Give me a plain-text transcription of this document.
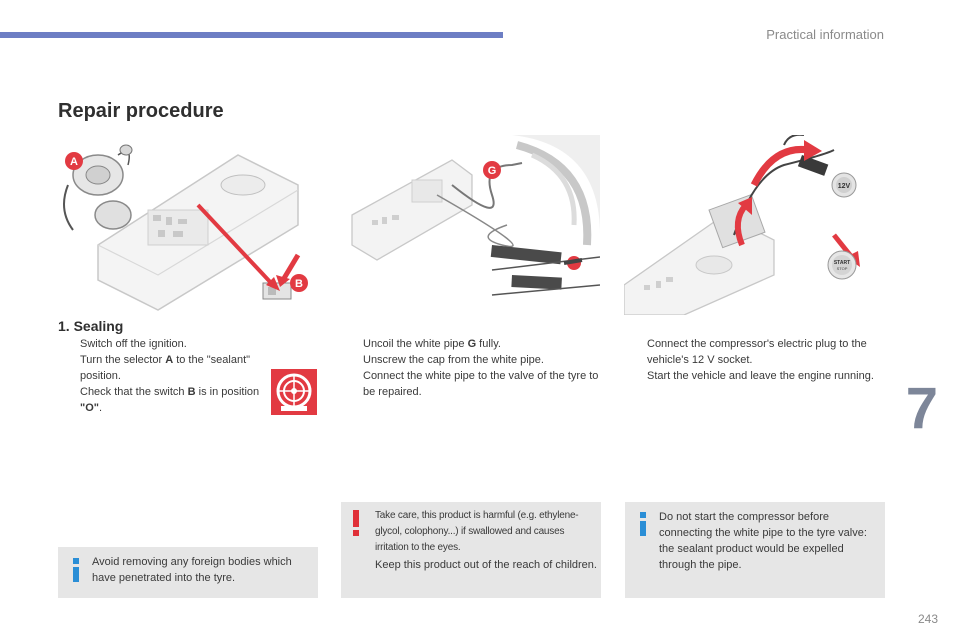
Practical information
7
243
Repair procedure
A
B
G
12V
START
STOP
1. Sealing
Switch off the ignition.
Turn the selector A to the "sealant" position.
Check that the switch B is in position "O".
Uncoil the white pipe G fully.
Unscrew the cap from the white pipe.
Connect the white pipe to the valve of the tyre to be repaired.
Connect the compressor's electric plug to the vehicle's 12 V socket.
Start the vehicle and leave the engine running.
Avoid removing any foreign bodies which have penetrated into the tyre.
Take care, this product is harmful (e.g. ethylene-glycol, colophony...) if swallowed and causes irritation to the eyes.
Keep this product out of the reach of children.
Do not start the compressor before connecting the white pipe to the tyre valve: the sealant product would be expelled through the pipe.
